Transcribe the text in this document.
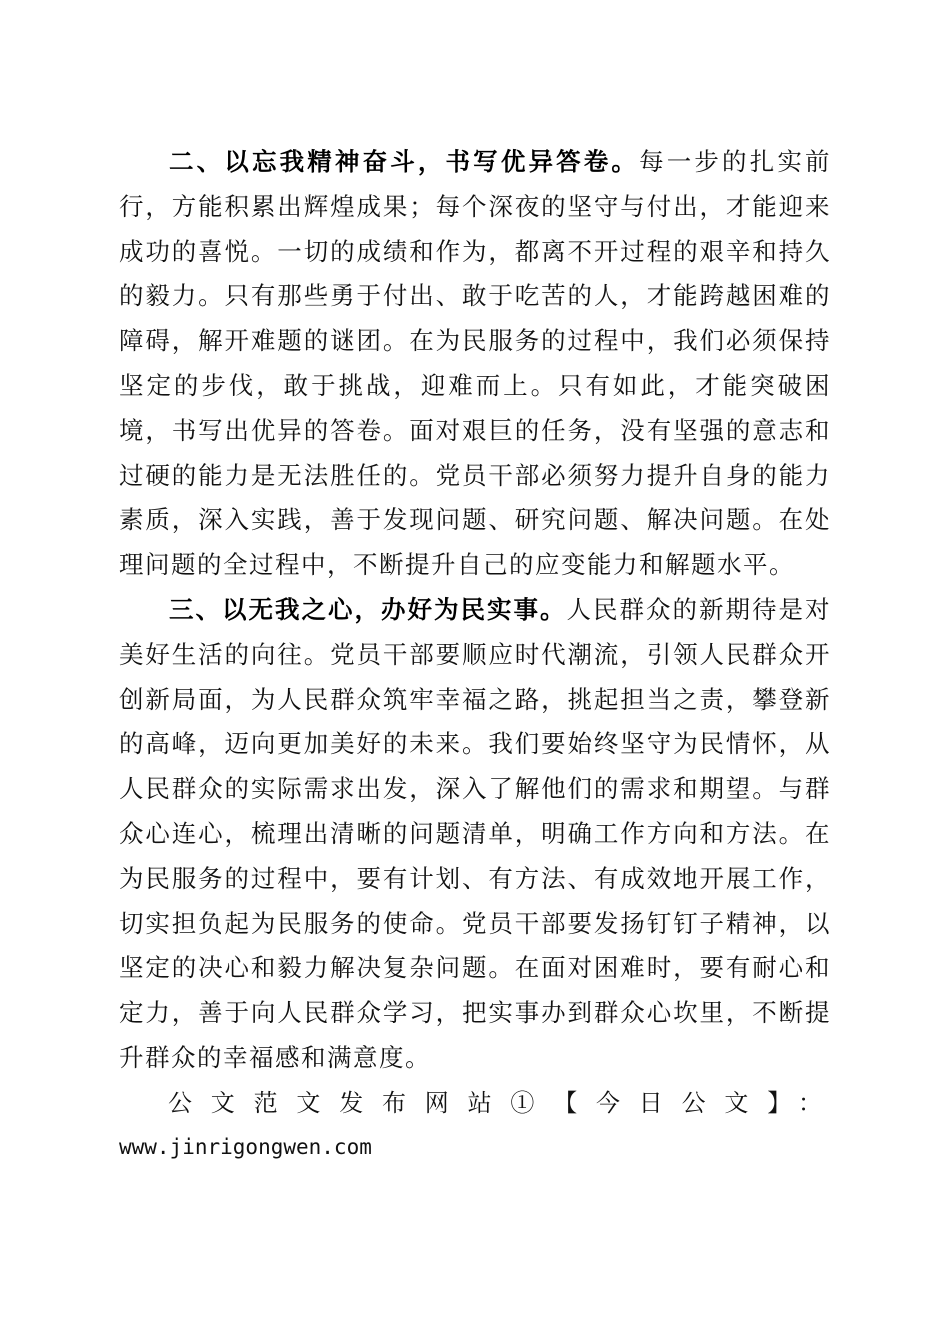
二、以忘我精神奋斗，书写优异答卷。每一步的扎实前行，方能积累出辉煌成果；每个深夜的坚守与付出，才能迎来成功的喜悦。一切的成绩和作为，都离不开过程的艰辛和持久的毅力。只有那些勇于付出、敢于吃苦的人，才能跨越困难的障碍，解开难题的谜团。在为民服务的过程中，我们必须保持坚定的步伐，敢于挑战，迎难而上。只有如此，才能突破困境，书写出优异的答卷。面对艰巨的任务，没有坚强的意志和过硬的能力是无法胜任的。党员干部必须努力提升自身的能力素质，深入实践，善于发现问题、研究问题、解决问题。在处理问题的全过程中，不断提升自己的应变能力和解题水平。

三、以无我之心，办好为民实事。人民群众的新期待是对美好生活的向往。党员干部要顺应时代潮流，引领人民群众开创新局面，为人民群众筑牢幸福之路，挑起担当之责，攀登新的高峰，迈向更加美好的未来。我们要始终坚守为民情怀，从人民群众的实际需求出发，深入了解他们的需求和期望。与群众心连心，梳理出清晰的问题清单，明确工作方向和方法。在为民服务的过程中，要有计划、有方法、有成效地开展工作，切实担负起为民服务的使命。党员干部要发扬钉钉子精神，以坚定的决心和毅力解决复杂问题。在面对困难时，要有耐心和定力，善于向人民群众学习，把实事办到群众心坎里，不断提升群众的幸福感和满意度。

公文范文发布网站①【今日公文】：
www.jinrigongwen.com
